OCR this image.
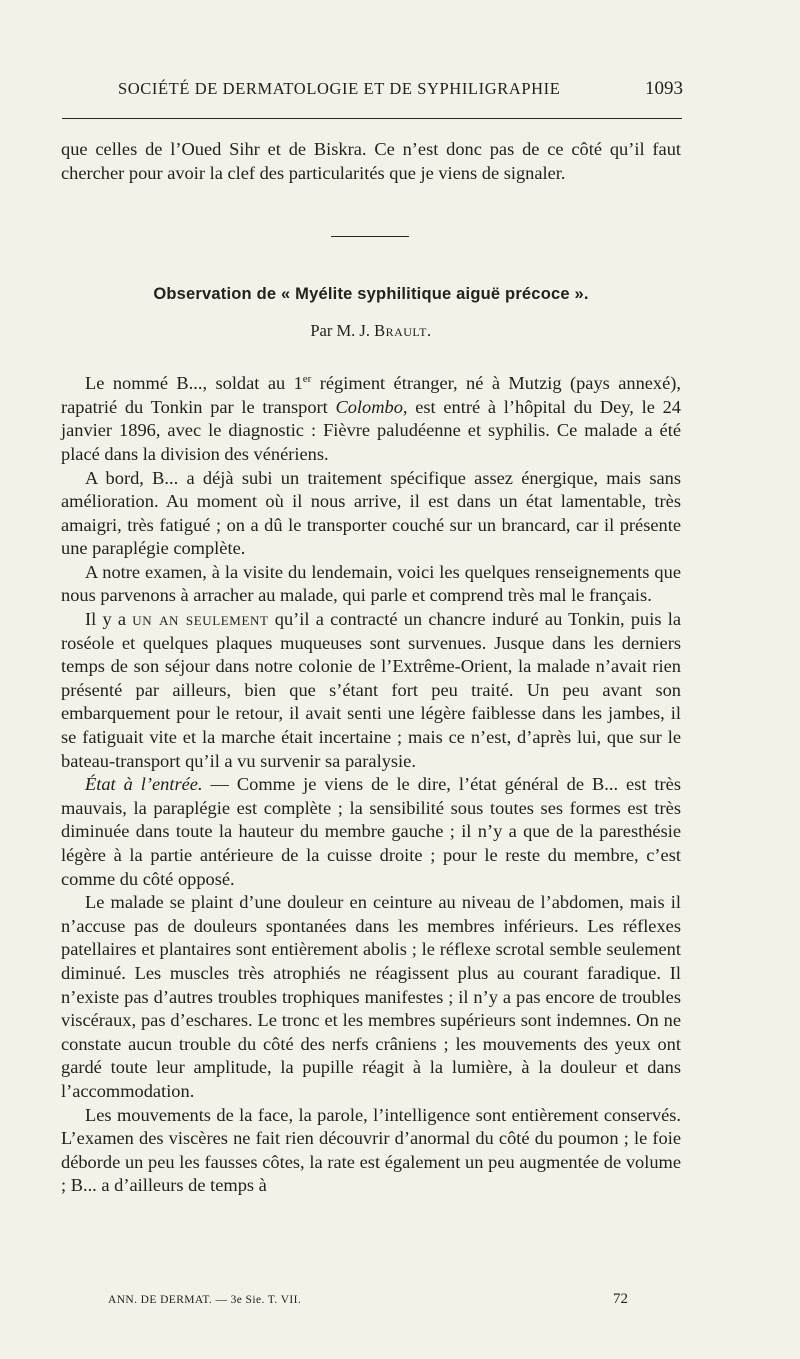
SOCIÉTÉ DE DERMATOLOGIE ET DE SYPHILIGRAPHIE	1093

que celles de l’Oued Sihr et de Biskra. Ce n’est donc pas de ce côté qu’il faut chercher pour avoir la clef des particularités que je viens de signaler.

Observation de « Myélite syphilitique aiguë précoce ».
Par M. J. Brault.

Le nommé B..., soldat au 1er régiment étranger, né à Mutzig (pays annexé), rapatrié du Tonkin par le transport Colombo, est entré à l’hôpital du Dey, le 24 janvier 1896, avec le diagnostic : Fièvre paludéenne et syphilis. Ce malade a été placé dans la division des vénériens.

A bord, B... a déjà subi un traitement spécifique assez énergique, mais sans amélioration. Au moment où il nous arrive, il est dans un état lamentable, très amaigri, très fatigué ; on a dû le transporter couché sur un brancard, car il présente une paraplégie complète.

A notre examen, à la visite du lendemain, voici les quelques renseignements que nous parvenons à arracher au malade, qui parle et comprend très mal le français.

Il y a un an seulement qu’il a contracté un chancre induré au Tonkin, puis la roséole et quelques plaques muqueuses sont survenues. Jusque dans les derniers temps de son séjour dans notre colonie de l’Extrême-Orient, la malade n’avait rien présenté par ailleurs, bien que s’étant fort peu traité. Un peu avant son embarquement pour le retour, il avait senti une légère faiblesse dans les jambes, il se fatiguait vite et la marche était incertaine ; mais ce n’est, d’après lui, que sur le bateau-transport qu’il a vu survenir sa paralysie.

État à l’entrée. — Comme je viens de le dire, l’état général de B... est très mauvais, la paraplégie est complète ; la sensibilité sous toutes ses formes est très diminuée dans toute la hauteur du membre gauche ; il n’y a que de la paresthésie légère à la partie antérieure de la cuisse droite ; pour le reste du membre, c’est comme du côté opposé.

Le malade se plaint d’une douleur en ceinture au niveau de l’abdomen, mais il n’accuse pas de douleurs spontanées dans les membres inférieurs. Les réflexes patellaires et plantaires sont entièrement abolis ; le réflexe scrotal semble seulement diminué. Les muscles très atrophiés ne réagissent plus au courant faradique. Il n’existe pas d’autres troubles trophiques manifestes ; il n’y a pas encore de troubles viscéraux, pas d’eschares. Le tronc et les membres supérieurs sont indemnes. On ne constate aucun trouble du côté des nerfs crâniens ; les mouvements des yeux ont gardé toute leur amplitude, la pupille réagit à la lumière, à la douleur et dans l’accommodation.

Les mouvements de la face, la parole, l’intelligence sont entièrement conservés. L’examen des viscères ne fait rien découvrir d’anormal du côté du poumon ; le foie déborde un peu les fausses côtes, la rate est également un peu augmentée de volume ; B... a d’ailleurs de temps à

ANN. DE DERMAT. — 3e Sie. T. VII.	72
